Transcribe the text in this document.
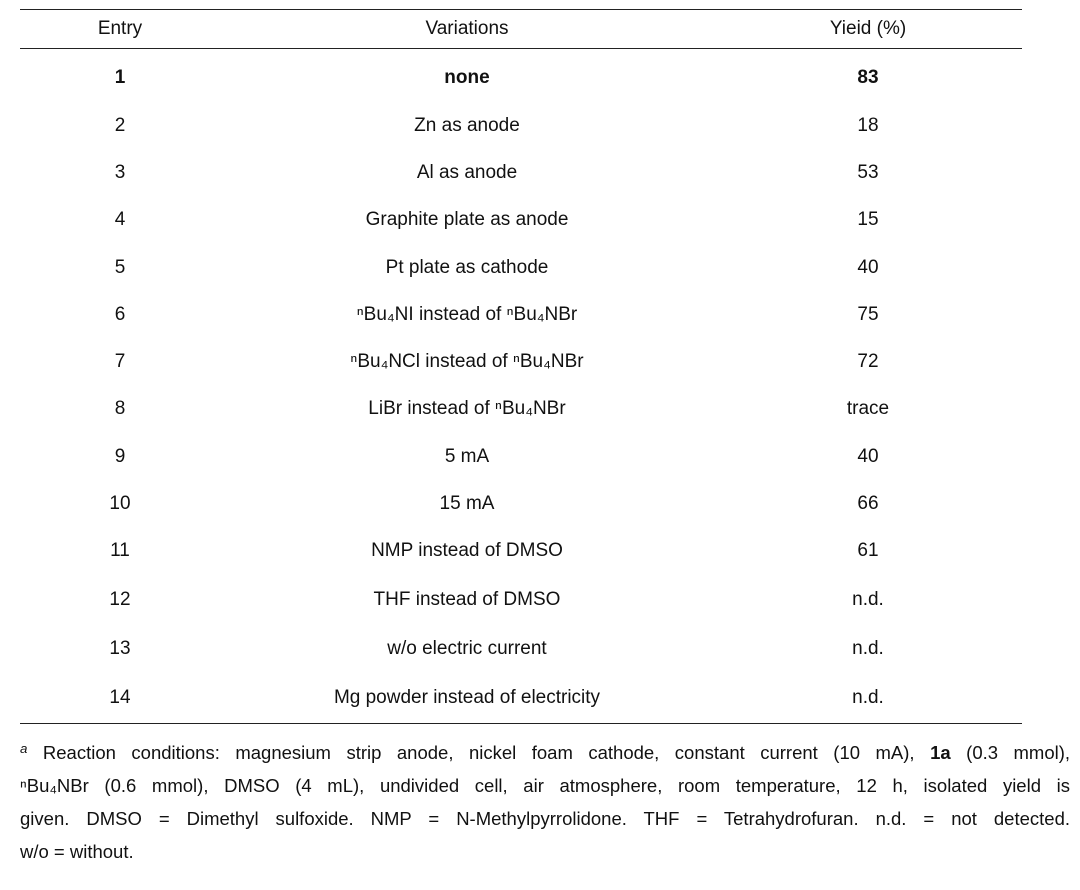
Entry	Variations	Yieid (%)
1	none	83
2	Zn as anode	18
3	Al as anode	53
4	Graphite plate as anode	15
5	Pt plate as cathode	40
6	ⁿBu₄NI instead of ⁿBu₄NBr	75
7	ⁿBu₄NCl instead of ⁿBu₄NBr	72
8	LiBr instead of ⁿBu₄NBr	trace
9	5 mA	40
10	15 mA	66
11	NMP instead of DMSO	61
12	THF instead of DMSO	n.d.
13	w/o electric current	n.d.
14	Mg powder instead of electricity	n.d.
$^a$ Reaction conditions: magnesium strip anode, nickel foam cathode, constant current (10 mA), 1a (0.3 mmol),
ⁿBu₄NBr (0.6 mmol), DMSO (4 mL), undivided cell, air atmosphere, room temperature, 12 h, isolated yield is
given. DMSO = Dimethyl sulfoxide. NMP = N-Methylpyrrolidone. THF = Tetrahydrofuran. n.d. = not detected.
w/o = without.
